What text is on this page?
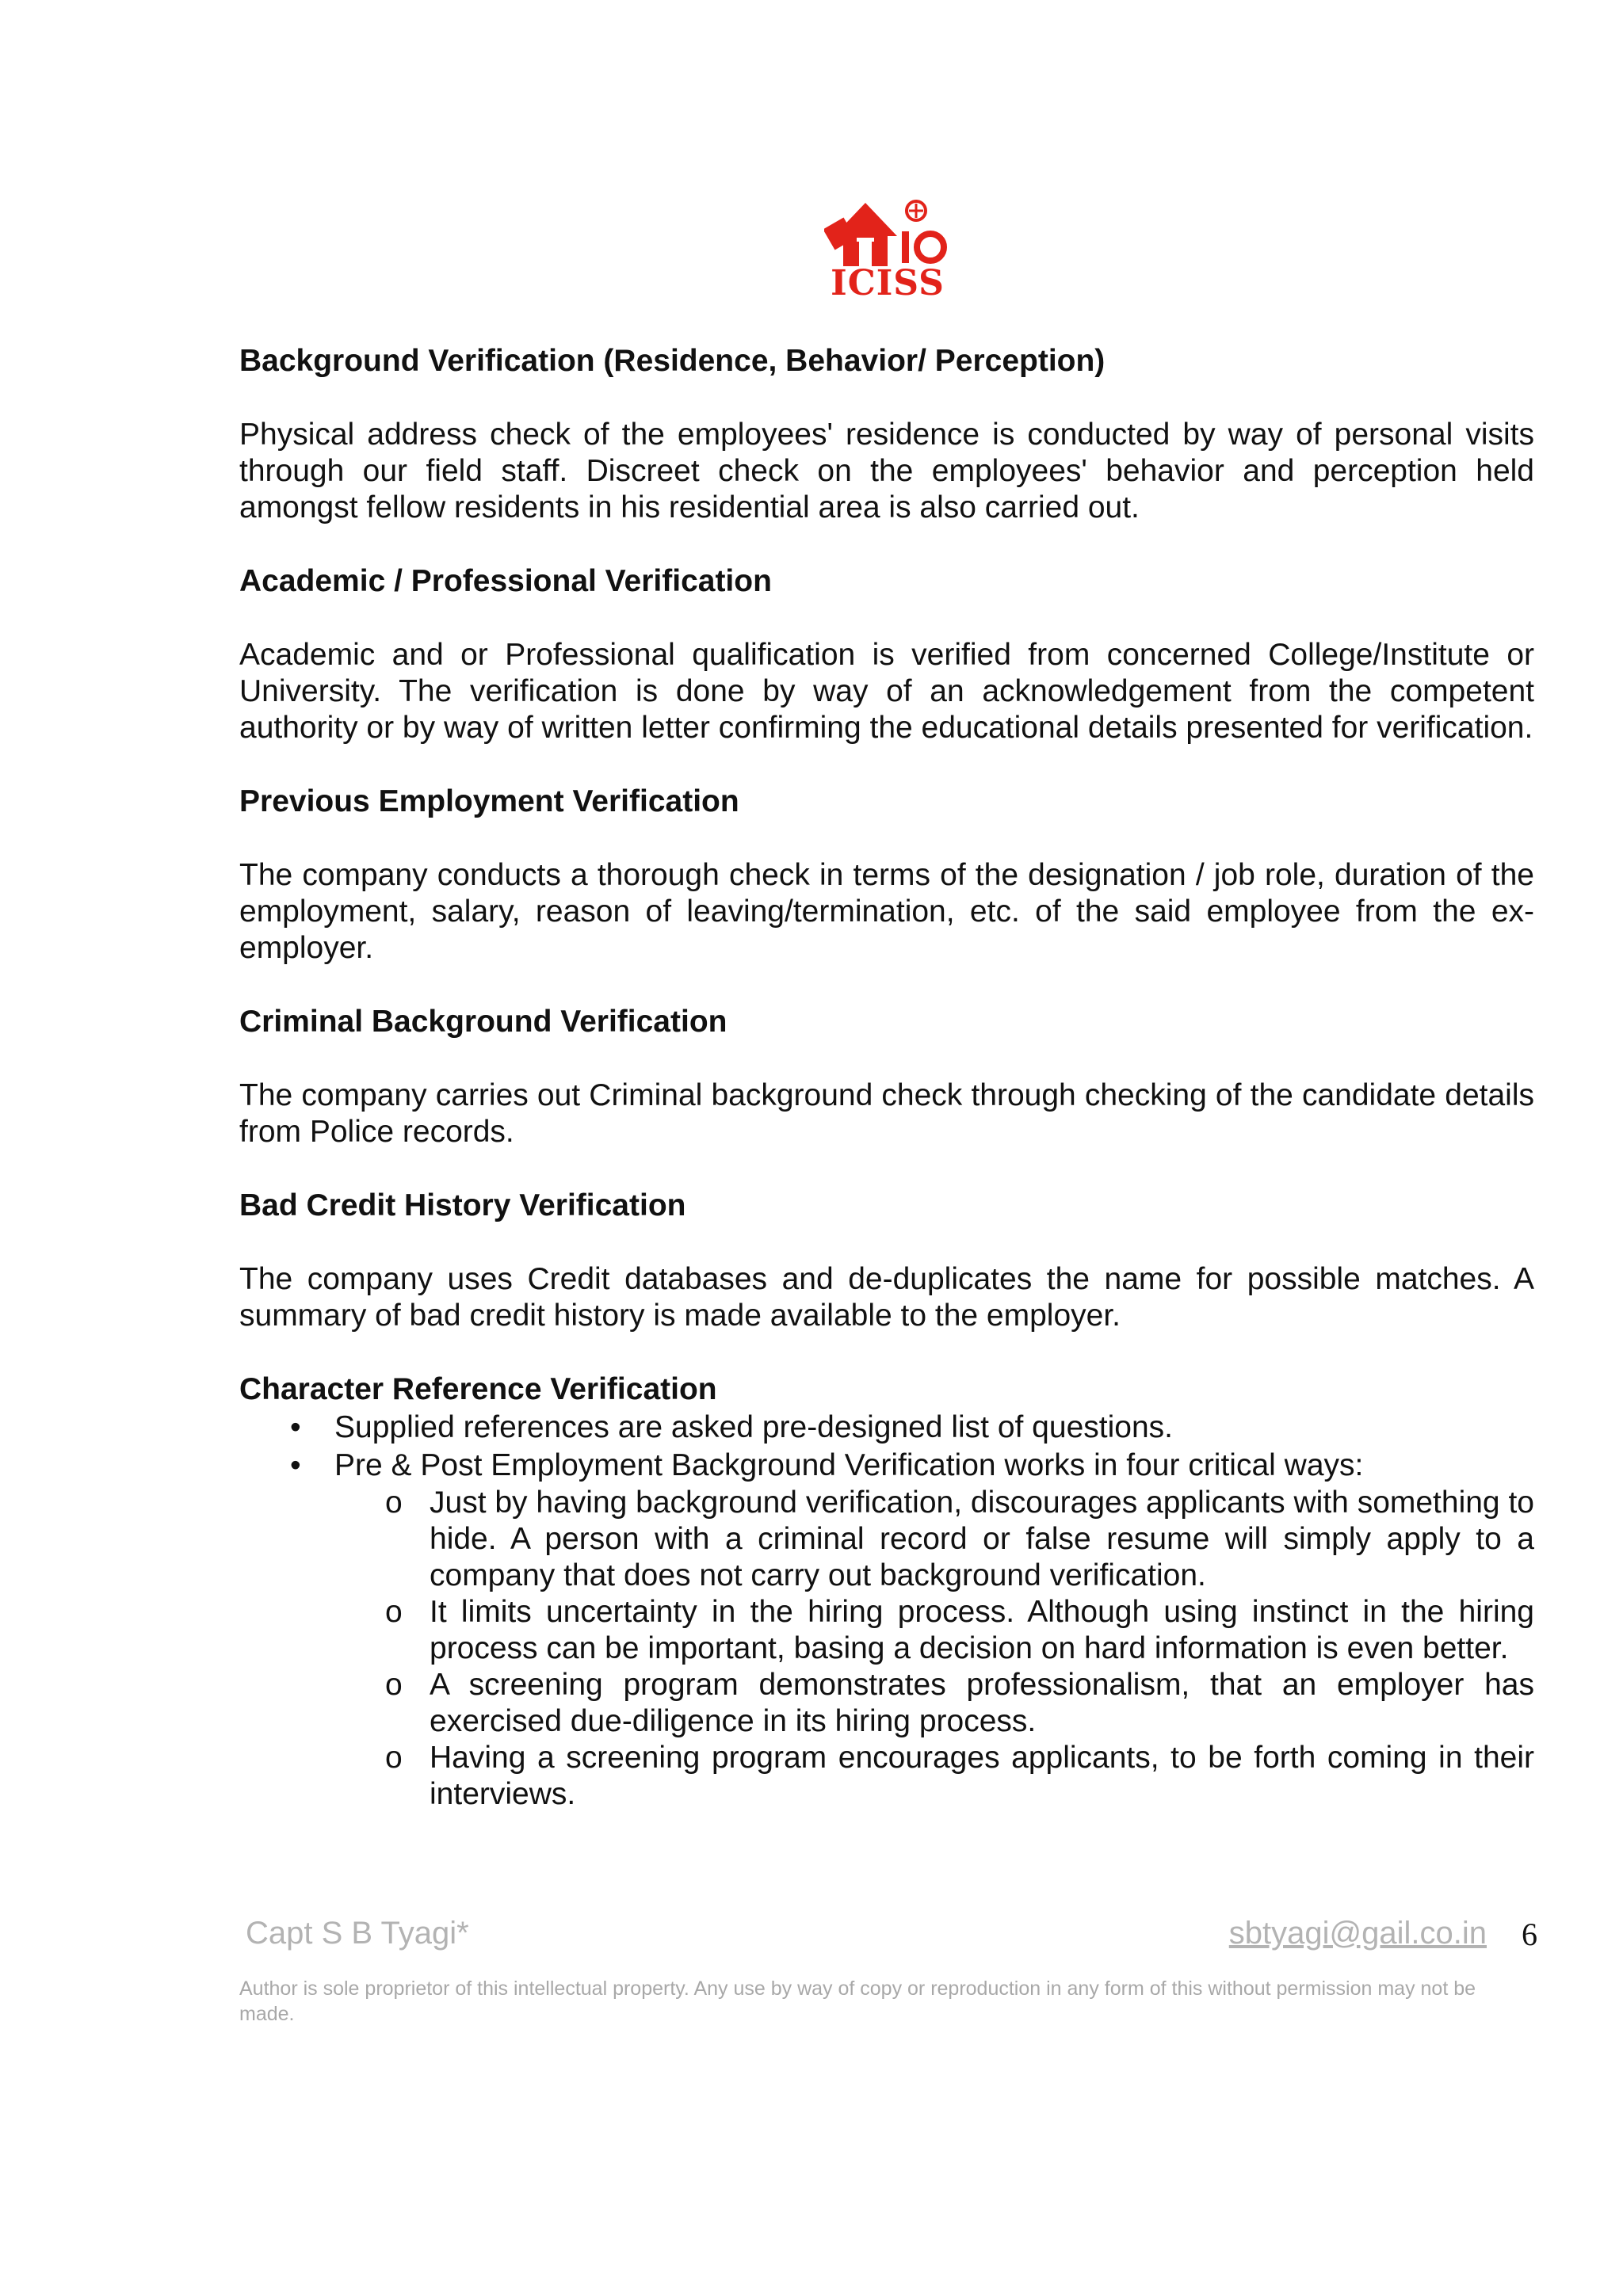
ICISS
Background Verification (Residence, Behavior/ Perception)

Physical address check of the employees' residence is conducted by way of personal visits through our field staff. Discreet check on the employees' behavior and perception held amongst fellow residents in his residential area is also carried out.

Academic / Professional Verification

Academic and or Professional qualification is verified from concerned College/Institute or University. The verification is done by way of an acknowledgement from the competent authority or by way of written letter confirming the educational details presented for verification.

Previous Employment Verification

The company conducts a thorough check in terms of the designation / job role, duration of the employment, salary, reason of leaving/termination, etc. of the said employee from the ex-employer.

Criminal Background Verification

The company carries out Criminal background check through checking of the candidate details from Police records.

Bad Credit History Verification

The company uses Credit databases and de-duplicates the name for possible matches. A summary of bad credit history is made available to the employer.

Character Reference Verification
• Supplied references are asked pre-designed list of questions.
• Pre & Post Employment Background Verification works in four critical ways:
o Just by having background verification, discourages applicants with something to hide. A person with a criminal record or false resume will simply apply to a company that does not carry out background verification.
o It limits uncertainty in the hiring process. Although using instinct in the hiring process can be important, basing a decision on hard information is even better.
o A screening program demonstrates professionalism, that an employer has exercised due-diligence in its hiring process.
o Having a screening program encourages applicants, to be forth coming in their interviews.
Capt S B Tyagi*	sbtyagi@gail.co.in 6
Author is sole proprietor of this intellectual property. Any use by way of copy or reproduction in any form of this without permission may not be made.
